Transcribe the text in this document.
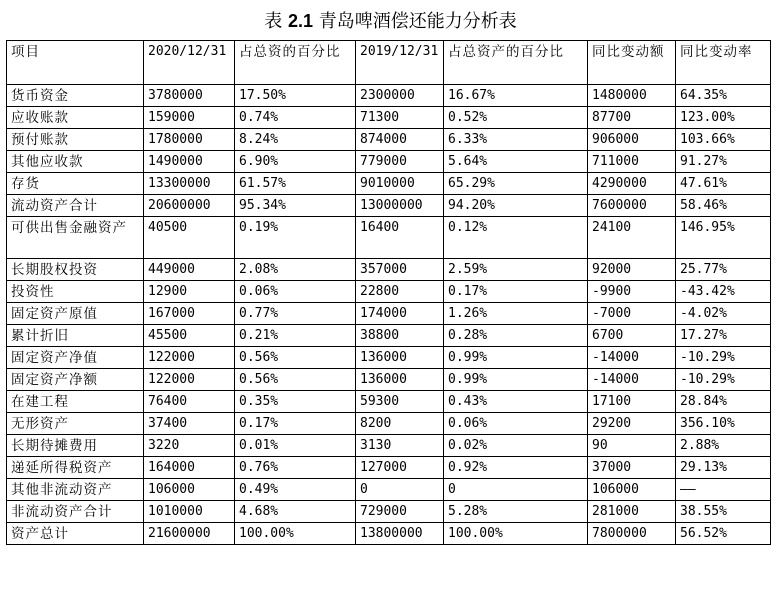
表 2.1 青岛啤酒偿还能力分析表
项目	2020/12/31	占总资的百分比	2019/12/31	占总资产的百分比	同比变动额	同比变动率
货币资金	3780000	17.50%	2300000	16.67%	1480000	64.35%
应收账款	159000	0.74%	71300	0.52%	87700	123.00%
预付账款	1780000	8.24%	874000	6.33%	906000	103.66%
其他应收款	1490000	6.90%	779000	5.64%	711000	91.27%
存货	13300000	61.57%	9010000	65.29%	4290000	47.61%
流动资产合计	20600000	95.34%	13000000	94.20%	7600000	58.46%
可供出售金融资产	40500	0.19%	16400	0.12%	24100	146.95%
长期股权投资	449000	2.08%	357000	2.59%	92000	25.77%
投资性	12900	0.06%	22800	0.17%	-9900	-43.42%
固定资产原值	167000	0.77%	174000	1.26%	-7000	-4.02%
累计折旧	45500	0.21%	38800	0.28%	6700	17.27%
固定资产净值	122000	0.56%	136000	0.99%	-14000	-10.29%
固定资产净额	122000	0.56%	136000	0.99%	-14000	-10.29%
在建工程	76400	0.35%	59300	0.43%	17100	28.84%
无形资产	37400	0.17%	8200	0.06%	29200	356.10%
长期待摊费用	3220	0.01%	3130	0.02%	90	2.88%
递延所得税资产	164000	0.76%	127000	0.92%	37000	29.13%
其他非流动资产	106000	0.49%	0	0	106000	——
非流动资产合计	1010000	4.68%	729000	5.28%	281000	38.55%
资产总计	21600000	100.00%	13800000	100.00%	7800000	56.52%
